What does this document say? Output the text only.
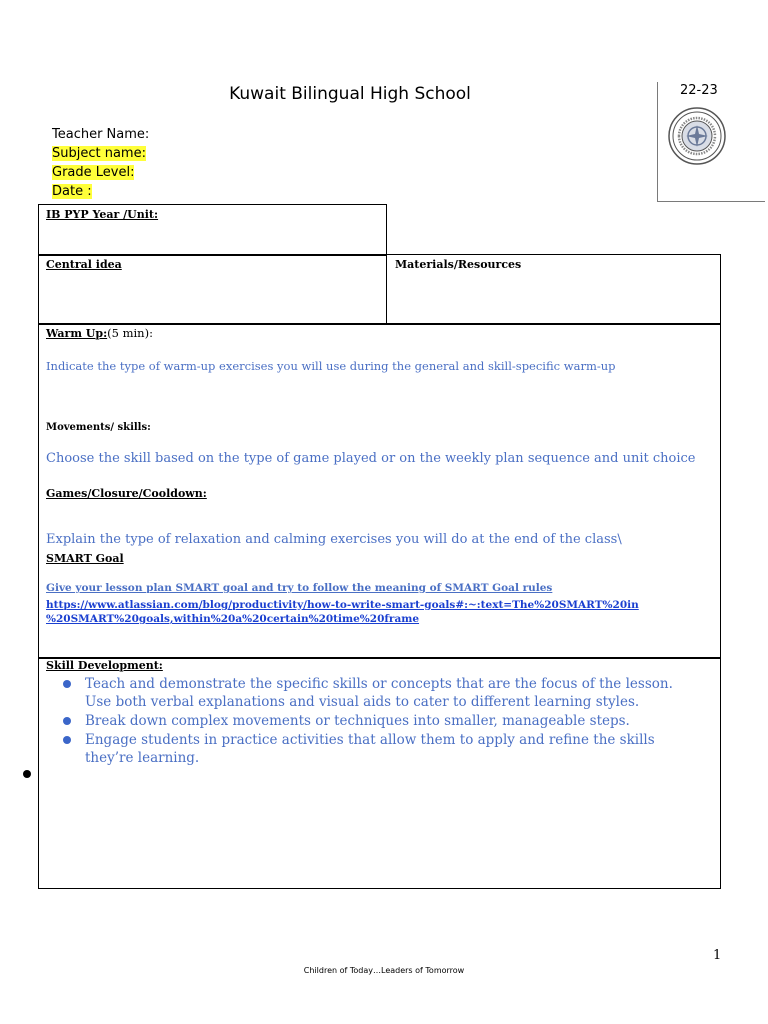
Kuwait Bilingual High School	22-23
Teacher Name:
Subject name:
Grade Level:
Date :
IB PYP Year /Unit:
Central idea	Materials/Resources
Warm Up:(5 min):
Indicate the type of warm-up exercises you will use during the general and skill-specific warm-up
Movements/ skills:
Choose the skill based on the type of game played or on the weekly plan sequence and unit choice
Games/Closure/Cooldown:
Explain the type of relaxation and calming exercises you will do at the end of the class\
SMART Goal
Give your lesson plan SMART goal and try to follow the meaning of SMART Goal rules
https://www.atlassian.com/blog/productivity/how-to-write-smart-goals#:~:text=The%20SMART%20in
%20SMART%20goals,within%20a%20certain%20time%20frame
Skill Development:
Teach and demonstrate the specific skills or concepts that are the focus of the lesson. Use both verbal explanations and visual aids to cater to different learning styles.
Break down complex movements or techniques into smaller, manageable steps.
Engage students in practice activities that allow them to apply and refine the skills they’re learning.
1
Children of Today…Leaders of Tomorrow
